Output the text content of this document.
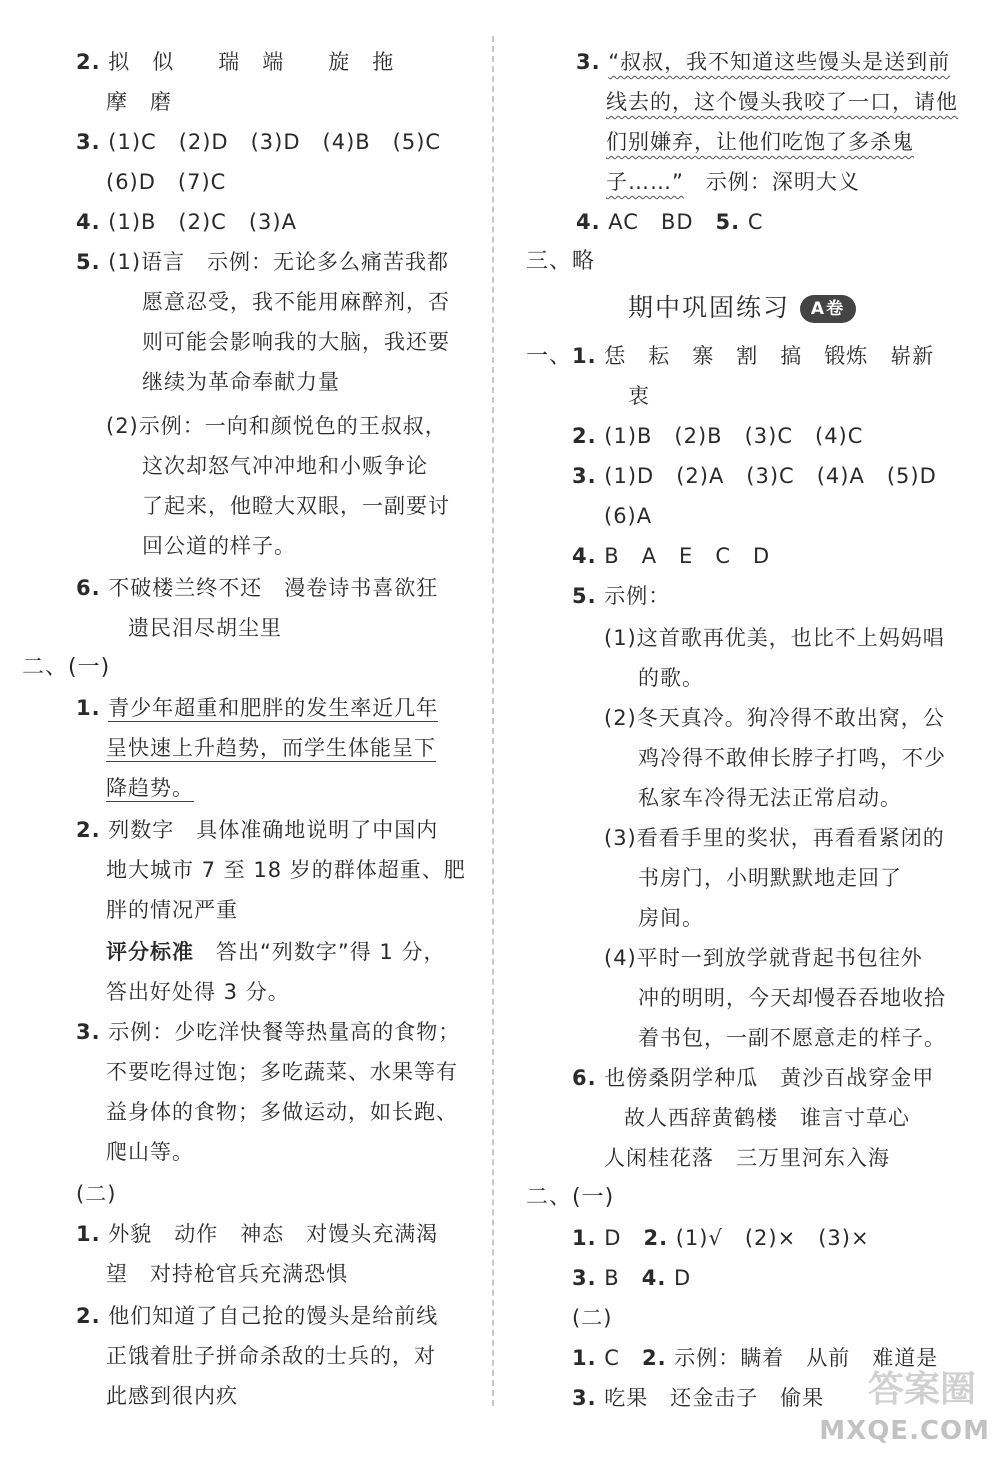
2. 拟　似　　瑞　端　　旋　拖
摩　磨
3. (1)C　(2)D　(3)D　(4)B　(5)C
(6)D　(7)C
4. (1)B　(2)C　(3)A
5. (1)语言　示例：无论多么痛苦我都
愿意忍受，我不能用麻醉剂，否
则可能会影响我的大脑，我还要
继续为革命奉献力量
(2)示例：一向和颜悦色的王叔叔，
这次却怒气冲冲地和小贩争论
了起来，他瞪大双眼，一副要讨
回公道的样子。
6. 不破楼兰终不还　漫卷诗书喜欲狂
遗民泪尽胡尘里
二、(一)
1. 青少年超重和肥胖的发生率近几年
呈快速上升趋势，而学生体能呈下
降趋势。
2. 列数字　具体准确地说明了中国内
地大城市 7 至 18 岁的群体超重、肥
胖的情况严重
评分标准　 答出“列数字”得 1 分，
答出好处得 3 分。
3. 示例：少吃洋快餐等热量高的食物；
不要吃得过饱；多吃蔬菜、水果等有
益身体的食物；多做运动，如长跑、
爬山等。
(二)
1. 外貌　动作　神态　对馒头充满渴
望　对持枪官兵充满恐惧
2. 他们知道了自己抢的馒头是给前线
正饿着肚子拼命杀敌的士兵的，对
此感到很内疚
3. “叔叔，我不知道这些馒头是送到前
线去的，这个馒头我咬了一口，请他
们别嫌弃，让他们吃饱了多杀鬼
子……”　 示例：深明大义
4. AC　BD　 5. C
三、略
期中巩固练习 A卷
一、1. 恁　耘　寨　割　搞　锻炼　崭新
衷
2. (1)B　(2)B　(3)C　(4)C
3. (1)D　(2)A　(3)C　(4)A　(5)D
(6)A
4. B　A　E　C　D
5. 示例：
(1)这首歌再优美，也比不上妈妈唱
的歌。
(2)冬天真冷。狗冷得不敢出窝，公
鸡冷得不敢伸长脖子打鸣，不少
私家车冷得无法正常启动。
(3)看看手里的奖状，再看看紧闭的
书房门，小明默默地走回了
房间。
(4)平时一到放学就背起书包往外
冲的明明，今天却慢吞吞地收拾
着书包，一副不愿意走的样子。
6. 也傍桑阴学种瓜　黄沙百战穿金甲
故人西辞黄鹤楼　谁言寸草心
人闲桂花落　三万里河东入海
二、(一)
1. D　 2. (1)√　(2)×　(3)×
3. B　 4. D
(二)
1. C　 2. 示例：瞒着　从前　难道是
3. 吃果　还金击子　偷果 答案圈
MXQE.COM
